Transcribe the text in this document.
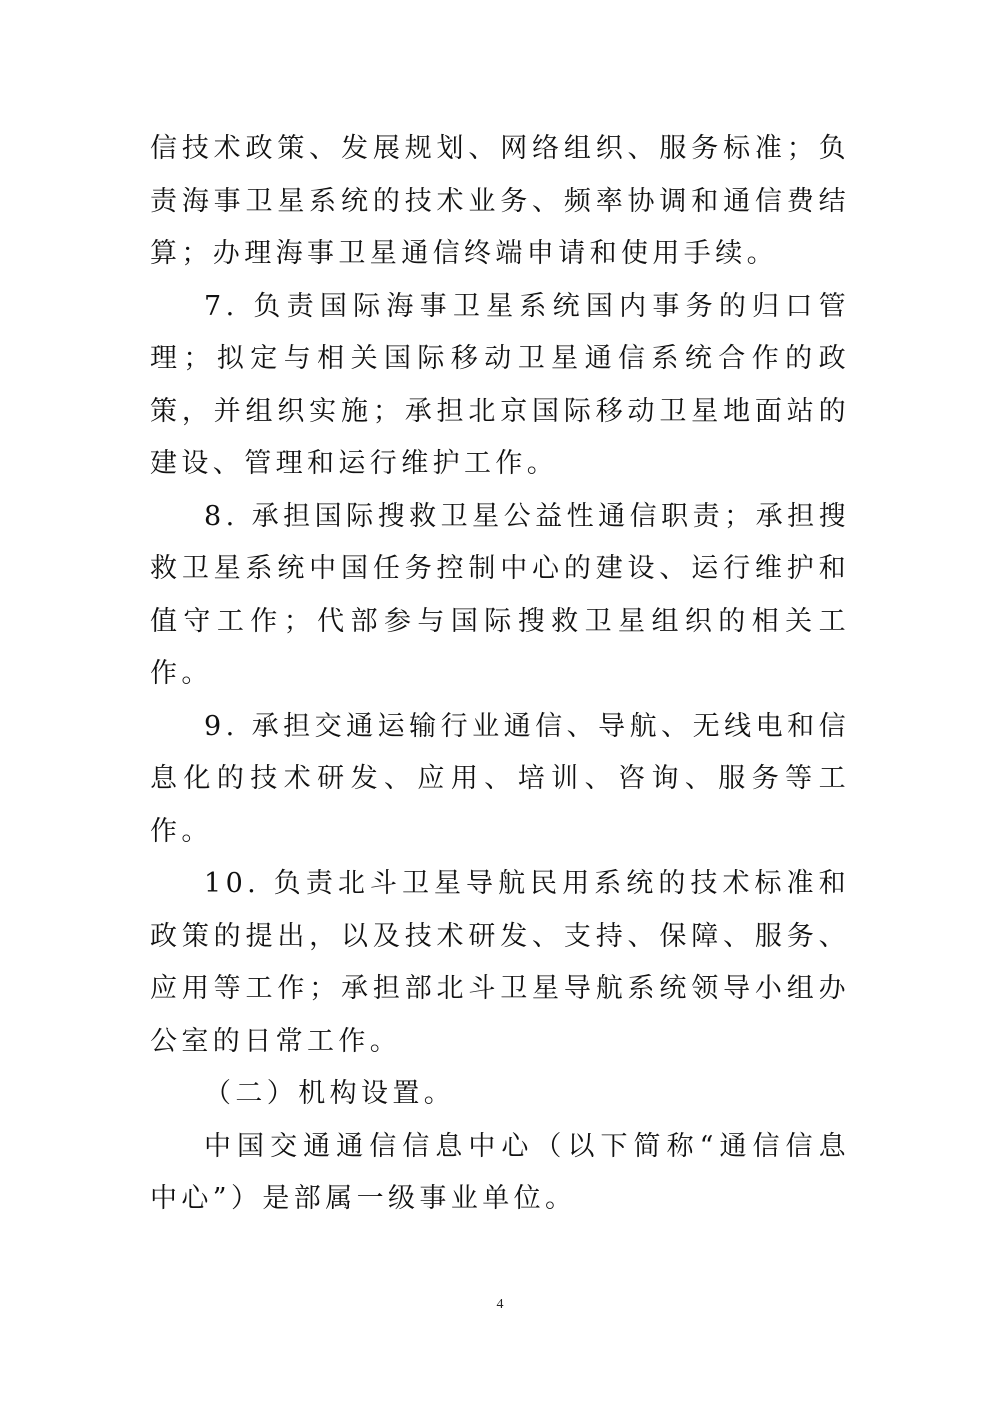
信技术政策、发展规划、网络组织、服务标准；负责海事卫星系统的技术业务、频率协调和通信费结算；办理海事卫星通信终端申请和使用手续。

7. 负责国际海事卫星系统国内事务的归口管理；拟定与相关国际移动卫星通信系统合作的政策，并组织实施；承担北京国际移动卫星地面站的建设、管理和运行维护工作。

8. 承担国际搜救卫星公益性通信职责；承担搜救卫星系统中国任务控制中心的建设、运行维护和值守工作；代部参与国际搜救卫星组织的相关工作。

9. 承担交通运输行业通信、导航、无线电和信息化的技术研发、应用、培训、咨询、服务等工作。

10. 负责北斗卫星导航民用系统的技术标准和政策的提出，以及技术研发、支持、保障、服务、应用等工作；承担部北斗卫星导航系统领导小组办公室的日常工作。

（二）机构设置。

中国交通通信信息中心（以下简称“通信信息中心”）是部属一级事业单位。

4
